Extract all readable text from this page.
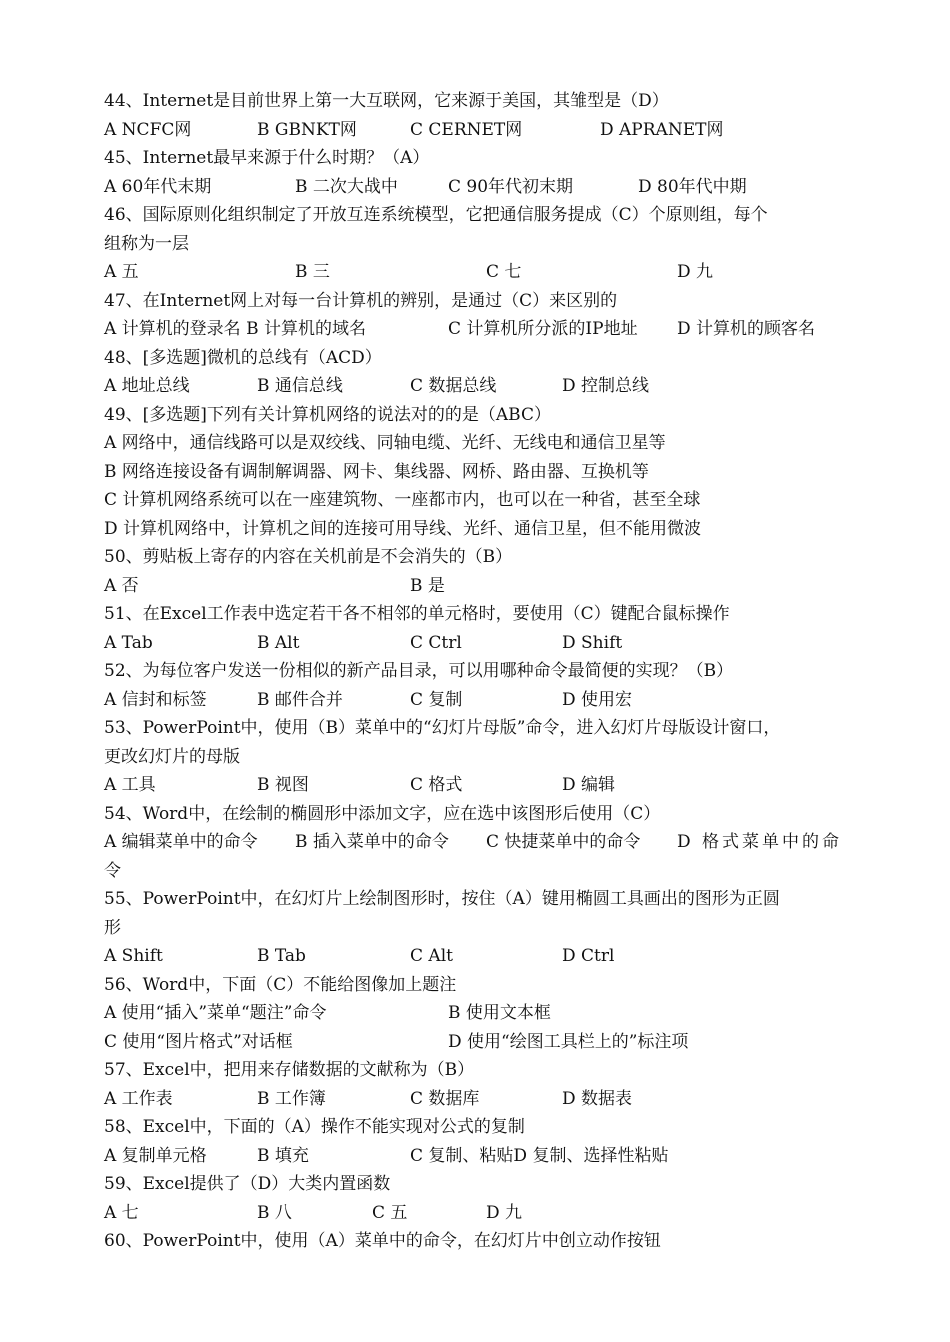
44、Internet是目前世界上第一大互联网，它来源于美国，其雏型是（D）
A NCFC网	B GBNKT网	C CERNET网	D APRANET网
45、Internet最早来源于什么时期？（A）
A 60年代末期	B 二次大战中	C 90年代初末期	D 80年代中期
46、国际原则化组织制定了开放互连系统模型，它把通信服务提成（C）个原则组，每个
组称为一层
A 五	B 三	C 七	D 九
47、在Internet网上对每一台计算机的辨别，是通过（C）来区别的
A 计算机的登录名 B 计算机的域名	C 计算机所分派的IP地址 D 计算机的顾客名
48、[多选题]微机的总线有（ACD）
A 地址总线	B 通信总线	C 数据总线	D 控制总线
49、[多选题]下列有关计算机网络的说法对的的是（ABC）
A 网络中，通信线路可以是双绞线、同轴电缆、光纤、无线电和通信卫星等
B 网络连接设备有调制解调器、网卡、集线器、网桥、路由器、互换机等
C 计算机网络系统可以在一座建筑物、一座都市内，也可以在一种省，甚至全球
D 计算机网络中，计算机之间的连接可用导线、光纤、通信卫星，但不能用微波
50、剪贴板上寄存的内容在关机前是不会消失的（B）
A 否	B 是
51、在Excel工作表中选定若干各不相邻的单元格时，要使用（C）键配合鼠标操作
A Tab	B Alt	C Ctrl	D Shift
52、为每位客户发送一份相似的新产品目录，可以用哪种命令最简便的实现？（B）
A 信封和标签	B 邮件合并	C 复制	D 使用宏
53、PowerPoint中，使用（B）菜单中的“幻灯片母版”命令，进入幻灯片母版设计窗口，
更改幻灯片的母版
A 工具	B 视图	C 格式	D 编辑
54、Word中，在绘制的椭圆形中添加文字，应在选中该图形后使用（C）
A 编辑菜单中的命令 B 插入菜单中的命令 C 快捷菜单中的命令 D 格式菜单中的命
令
55、PowerPoint中，在幻灯片上绘制图形时，按住（A）键用椭圆工具画出的图形为正圆
形
A Shift	B Tab	C Alt	D Ctrl
56、Word中，下面（C）不能给图像加上题注
A 使用“插入”菜单“题注”命令	B 使用文本框
C 使用“图片格式”对话框	D 使用“绘图工具栏上的”标注项
57、Excel中，把用来存储数据的文献称为（B）
A 工作表	B 工作簿	C 数据库	D 数据表
58、Excel中，下面的（A）操作不能实现对公式的复制
A 复制单元格	B 填充	C 复制、粘贴D 复制、选择性粘贴
59、Excel提供了（D）大类内置函数
A 七	B 八	C 五	D 九
60、PowerPoint中，使用（A）菜单中的命令，在幻灯片中创立动作按钮
